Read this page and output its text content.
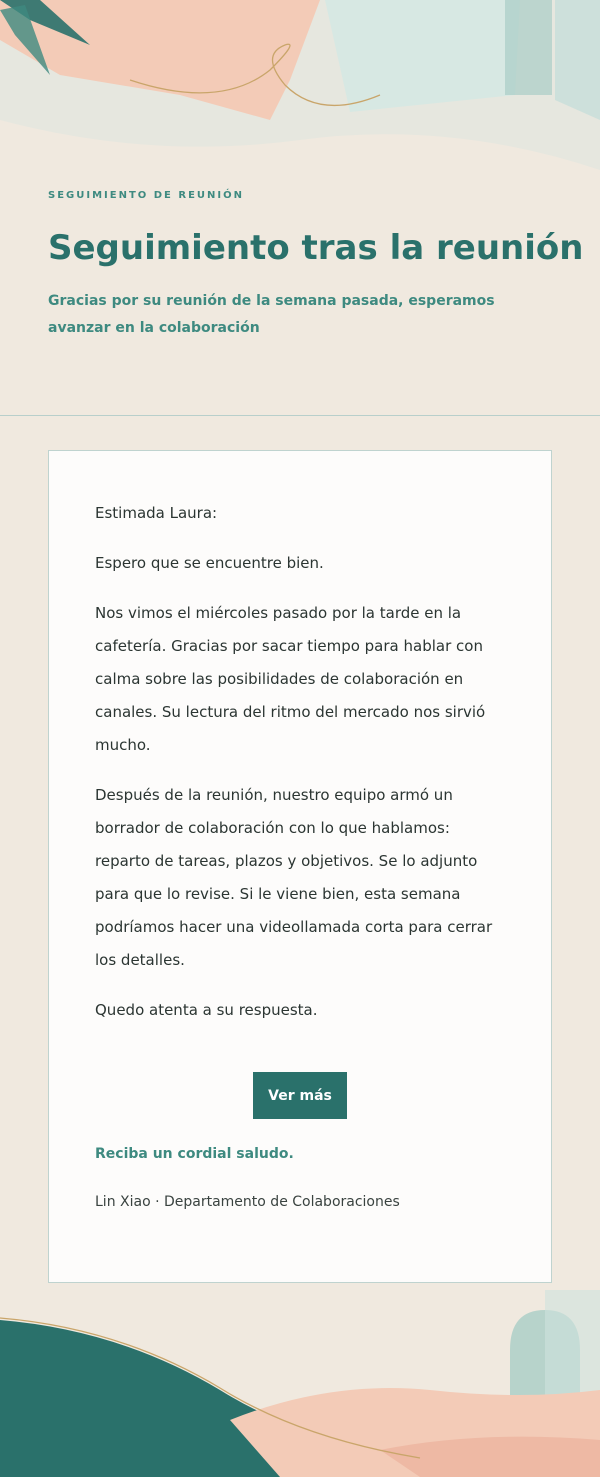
SEGUIMIENTO DE REUNIÓN
Seguimiento tras la reunión

Gracias por su reunión de la semana pasada, esperamos avanzar en la colaboración

Estimada Laura:

Espero que se encuentre bien.

Nos vimos el miércoles pasado por la tarde en la cafetería. Gracias por sacar tiempo para hablar con calma sobre las posibilidades de colaboración en canales. Su lectura del ritmo del mercado nos sirvió mucho.

Después de la reunión, nuestro equipo armó un borrador de colaboración con lo que hablamos: reparto de tareas, plazos y objetivos. Se lo adjunto para que lo revise. Si le viene bien, esta semana podríamos hacer una videollamada corta para cerrar los detalles.

Quedo atenta a su respuesta.

Ver más
Reciba un cordial saludo.
Lin Xiao · Departamento de Colaboraciones
